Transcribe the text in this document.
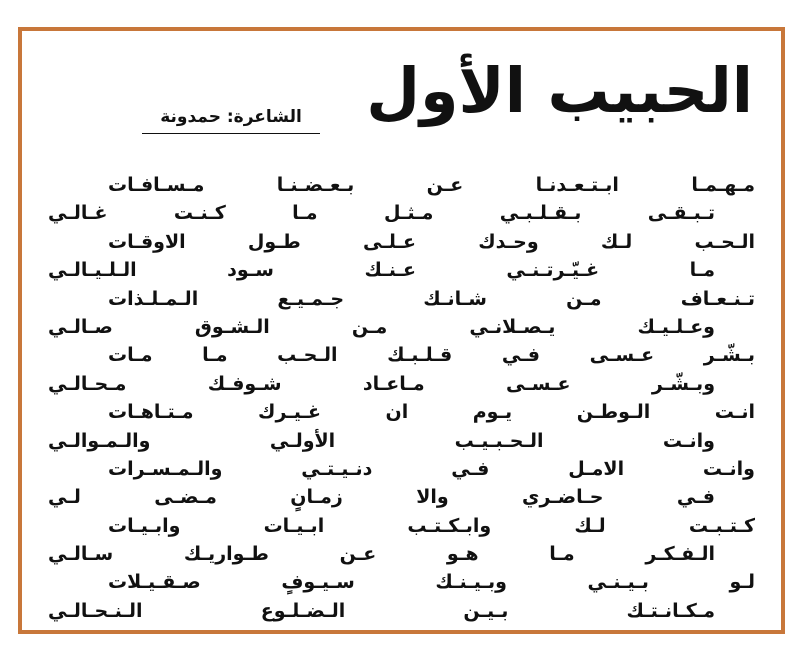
الحبيب الأول
الشاعرة: حمدونة
مـهـمـا ابـتـعـدنـا عـن بـعـضـنـا مـسـافـات
تـبـقـى بـقـلـبـي مـثـل مـا كـنـت غـالـي
الـحـب لـك وحـدك عـلـى طـول الاوقـات
مـا غـيّـرتـنـي عـنـك سـود الـلـيـالـي
تـنـعـاف مـن شـانـك جـمـيـع الـمـلـذات
وعـلـيـك يـصـلانـي مـن الـشـوق صـالـي
بـشّـر عـسـى فـي قـلـبـك الـحـب مـا مـات
وبـشّـر عـسـى مـاعـاد شـوفـك مـحـالـي
انـت الـوطـن يـوم ان غـيـرك مـتـاهـات
وانـت الـحـبـيـب الأولـي والـمـوالـي
وانـت الامـل فـي دنـيـتـي والـمـسـرات
فـي حـاضـري والا زمـانٍ مـضـى لـي
كـتـبـت لـك وابـكـتـب ابـيـات وابـيـات
الـفـكـر مـا هـو عـن طـواريـك سـالـي
لـو بـيـنـي وبـيـنـك سـيـوفٍ صـقـيـلات
مـكـانـتـك بـيـن الـضـلـوع الـنـحـالـي
